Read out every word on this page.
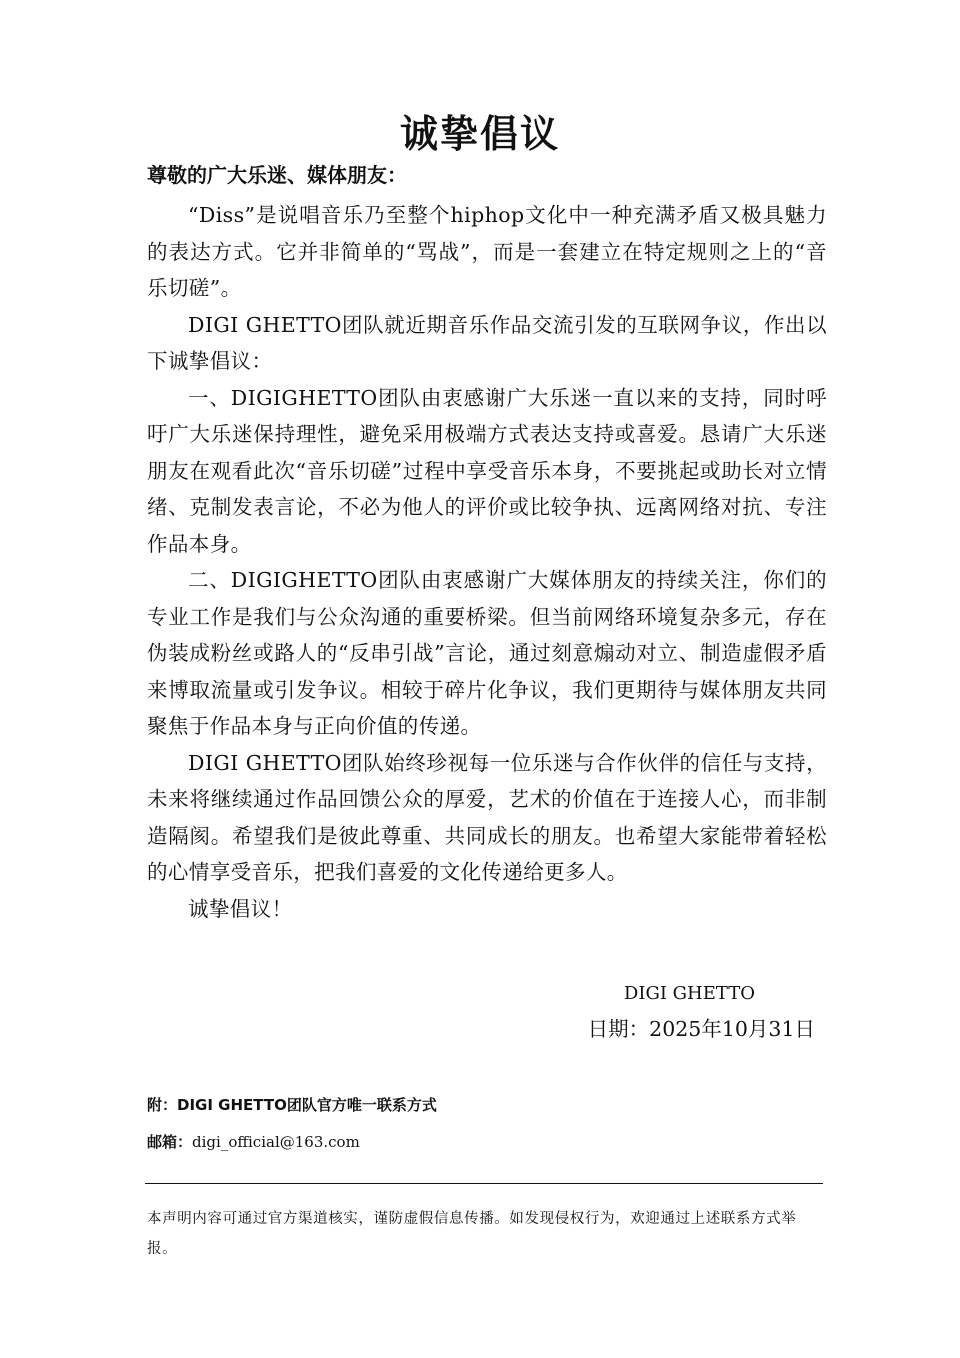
诚挚倡议

尊敬的广大乐迷、媒体朋友：

“Diss”是说唱音乐乃至整个hiphop文化中一种充满矛盾又极具魅力的表达方式。它并非简单的“骂战”，而是一套建立在特定规则之上的“音乐切磋”。

DIGI GHETTO团队就近期音乐作品交流引发的互联网争议，作出以下诚挚倡议：

一、DIGIGHETTO团队由衷感谢广大乐迷一直以来的支持，同时呼吁广大乐迷保持理性，避免采用极端方式表达支持或喜爱。恳请广大乐迷朋友在观看此次“音乐切磋”过程中享受音乐本身，不要挑起或助长对立情绪、克制发表言论，不必为他人的评价或比较争执、远离网络对抗、专注作品本身。

二、DIGIGHETTO团队由衷感谢广大媒体朋友的持续关注，你们的专业工作是我们与公众沟通的重要桥梁。但当前网络环境复杂多元，存在伪装成粉丝或路人的“反串引战”言论，通过刻意煽动对立、制造虚假矛盾来博取流量或引发争议。相较于碎片化争议，我们更期待与媒体朋友共同聚焦于作品本身与正向价值的传递。

DIGI GHETTO团队始终珍视每一位乐迷与合作伙伴的信任与支持，未来将继续通过作品回馈公众的厚爱，艺术的价值在于连接人心，而非制造隔阂。希望我们是彼此尊重、共同成长的朋友。也希望大家能带着轻松的心情享受音乐，把我们喜爱的文化传递给更多人。

诚挚倡议！

DIGI GHETTO
日期：2025年10月31日
附：DIGI GHETTO团队官方唯一联系方式
邮箱：digi_official@163.com

本声明内容可通过官方渠道核实，谨防虚假信息传播。如发现侵权行为，欢迎通过上述联系方式举报。
